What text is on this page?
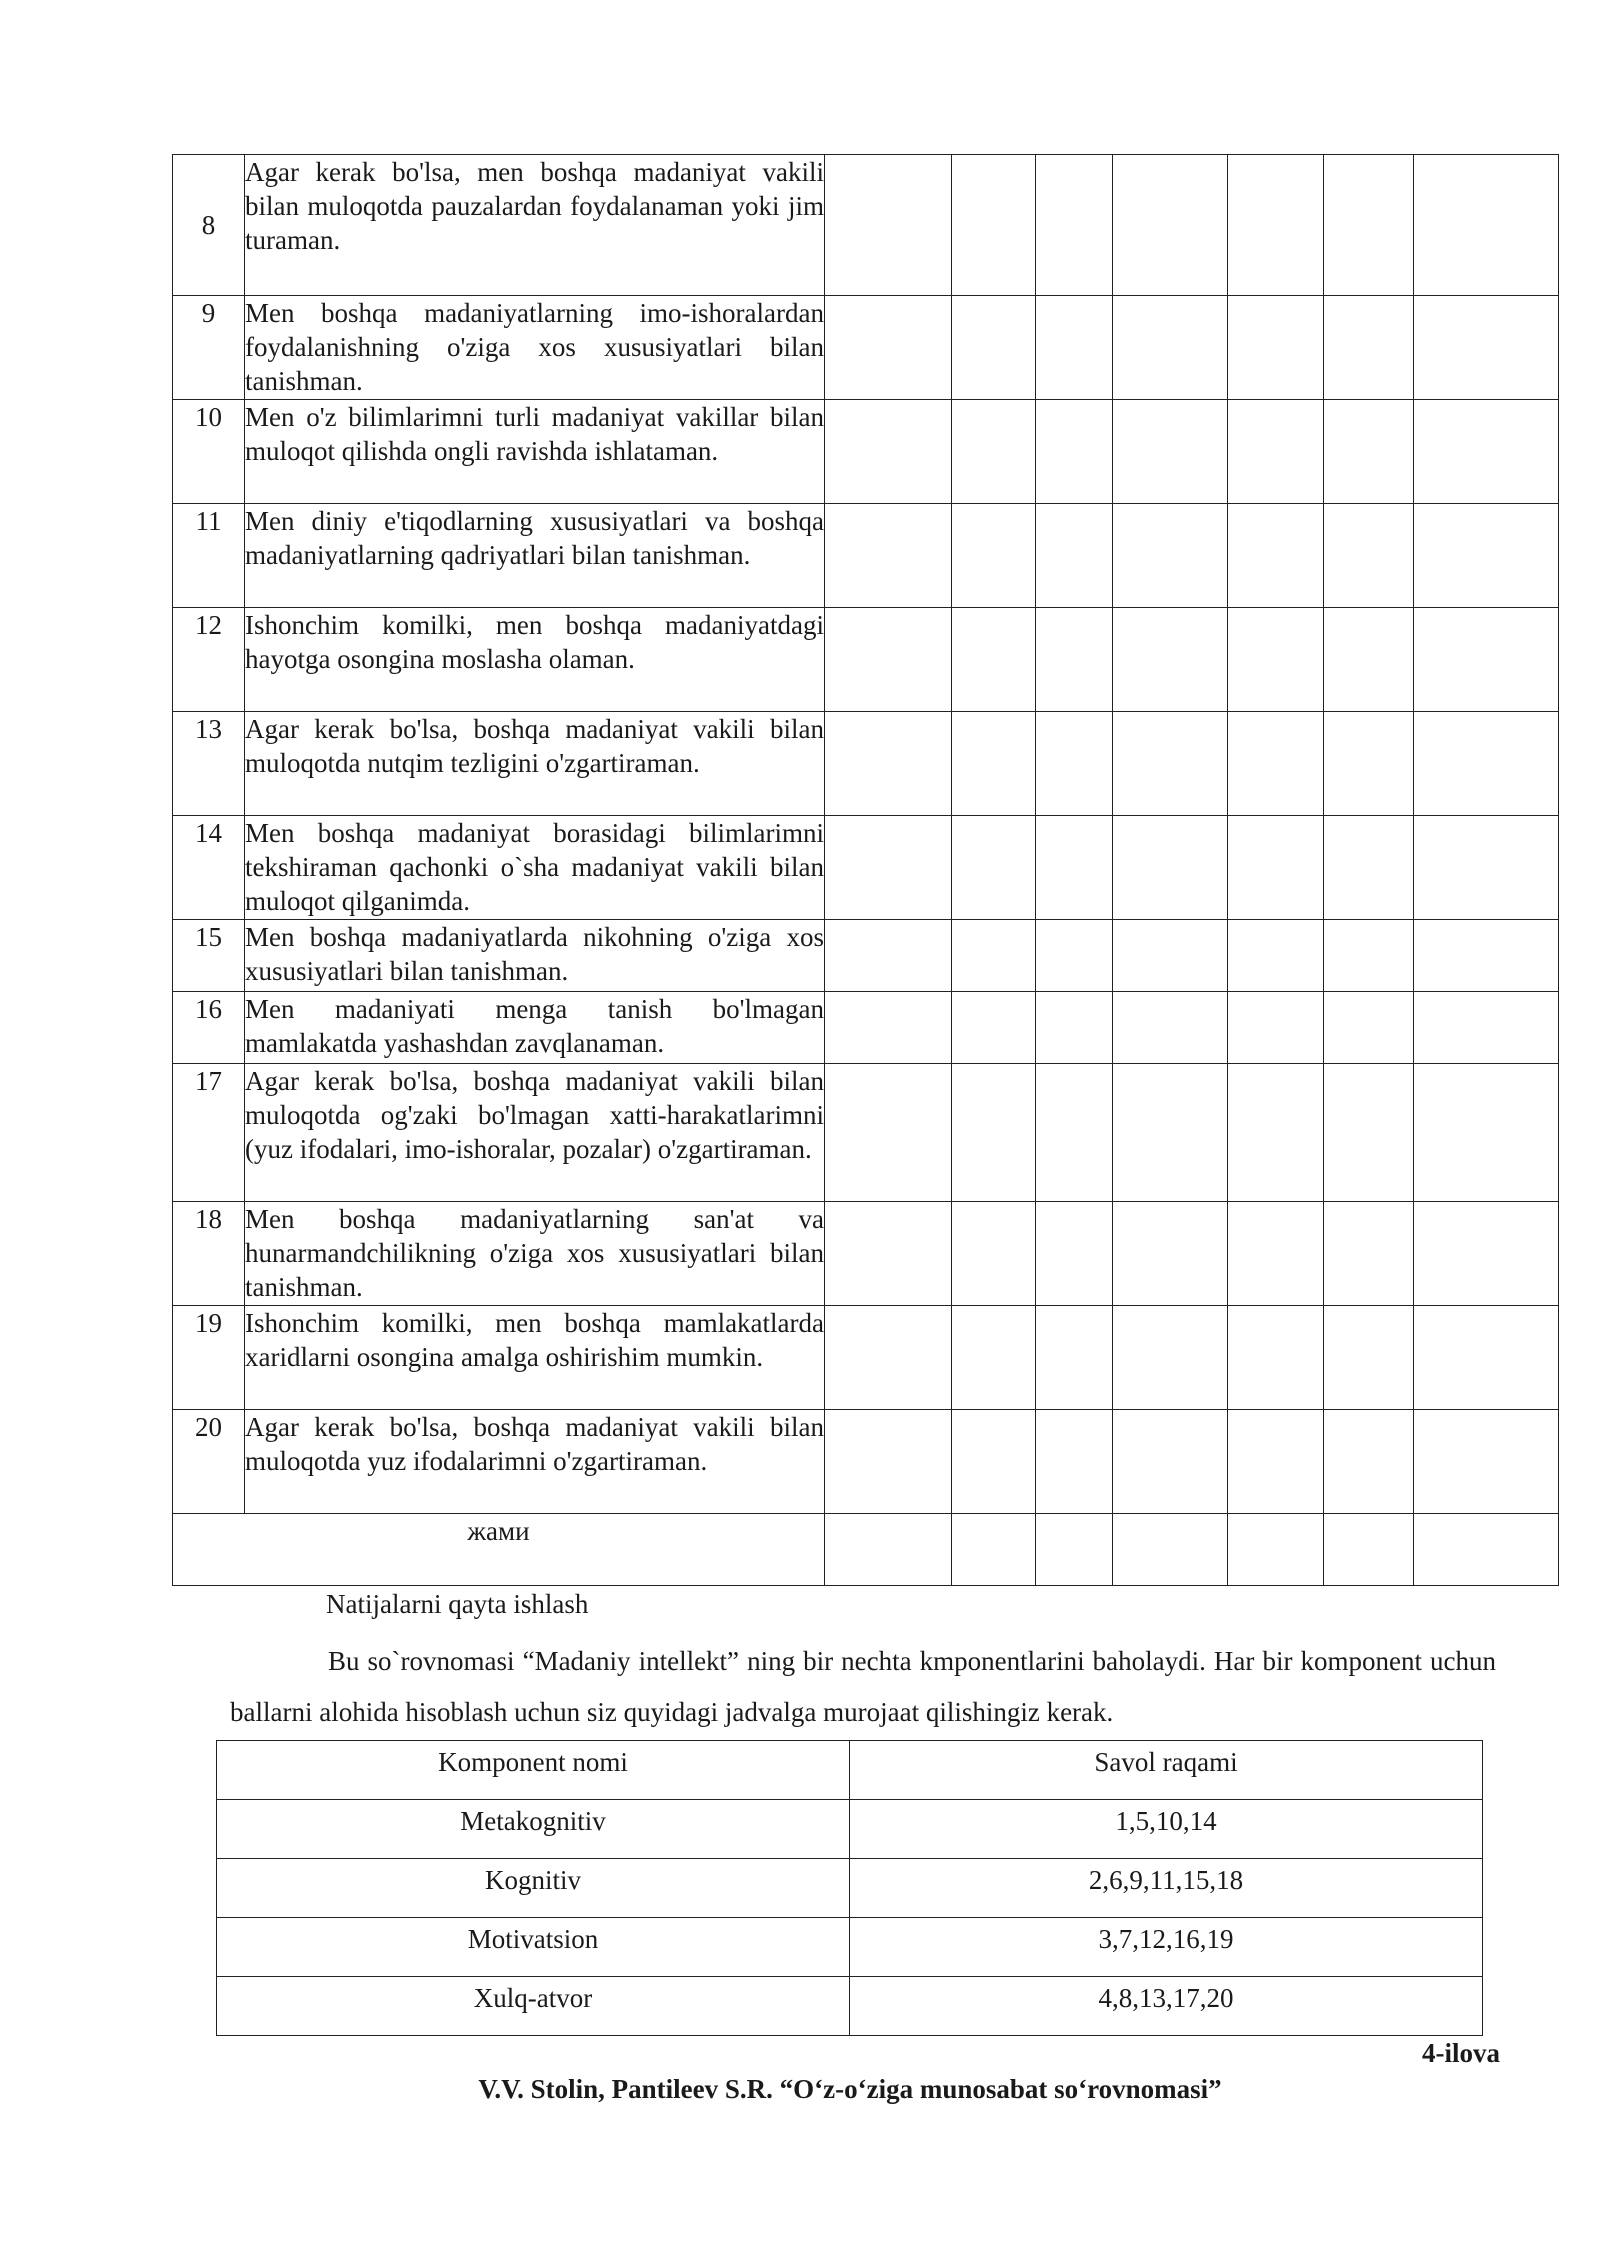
8	Agar kerak bo'lsa, men boshqa madaniyat vakili bilan muloqotda pauzalardan foydalanaman yoki jim turaman.							
9	Men boshqa madaniyatlarning imo-ishoralardan foydalanishning o'ziga xos xususiyatlari bilan tanishman.							
10	Men o'z bilimlarimni turli madaniyat vakillar bilan muloqot qilishda ongli ravishda ishlataman.							
11	Men diniy e'tiqodlarning xususiyatlari va boshqa madaniyatlarning qadriyatlari bilan tanishman.							
12	Ishonchim komilki, men boshqa madaniyatdagi hayotga osongina moslasha olaman.							
13	Agar kerak bo'lsa, boshqa madaniyat vakili bilan muloqotda nutqim tezligini o'zgartiraman.							
14	Men boshqa madaniyat borasidagi bilimlarimni tekshiraman qachonki o`sha madaniyat vakili bilan muloqot qilganimda.							
15	Men boshqa madaniyatlarda nikohning o'ziga xos xususiyatlari bilan tanishman.							
16	Men madaniyati menga tanish bo'lmagan mamlakatda yashashdan zavqlanaman.							
17	Agar kerak bo'lsa, boshqa madaniyat vakili bilan muloqotda og'zaki bo'lmagan xatti-harakatlarimni (yuz ifodalari, imo-ishoralar, pozalar) o'zgartiraman.							
18	Men boshqa madaniyatlarning san'at va hunarmandchilikning o'ziga xos xususiyatlari bilan tanishman.							
19	Ishonchim komilki, men boshqa mamlakatlarda xaridlarni osongina amalga oshirishim mumkin.							
20	Agar kerak bo'lsa, boshqa madaniyat vakili bilan muloqotda yuz ifodalarimni o'zgartiraman.							
жами								
Natijalarni qayta ishlash
Bu so`rovnomasi “Madaniy intellekt” ning bir nechta kmponentlarini baholaydi. Har bir komponent uchun ballarni alohida hisoblash uchun siz quyidagi jadvalga murojaat qilishingiz kerak.
Komponent nomi	Savol raqami
Metakognitiv	1,5,10,14
Kognitiv	2,6,9,11,15,18
Motivatsion	3,7,12,16,19
Xulq-atvor	4,8,13,17,20
4-ilova
V.V. Stolin, Pantileev S.R. “O‘z-o‘ziga munosabat so‘rovnomasi”
